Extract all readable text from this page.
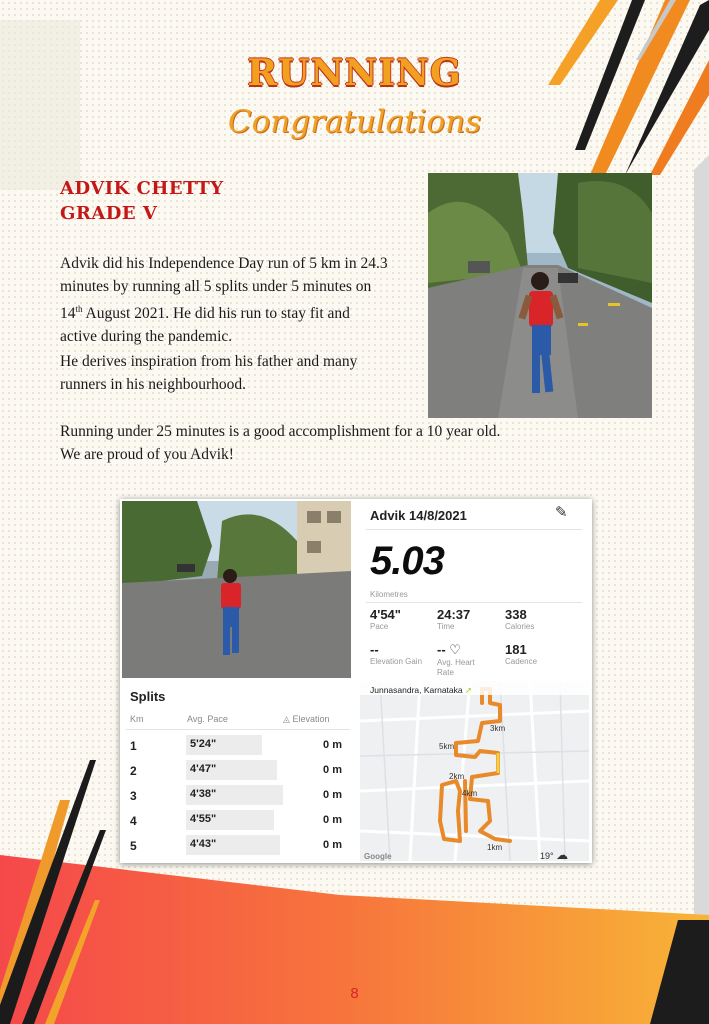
RUNNING
Congratulations
ADVIK CHETTY
GRADE V
Advik did his Independence Day run of 5 km in 24.3 minutes by running all 5 splits under 5 minutes on 14th August 2021. He did his run to stay fit and active during the pandemic.
He derives inspiration from his father and many runners in his neighbourhood.
Running under 25 minutes is a good accomplishment for a 10 year old.
We are proud of you Advik!
Advik 14/8/2021	✎
5.03
Kilometres
4'54"
Pace
24:37
Time
338
Calories
--
Elevation Gain
-- ♡
Avg. Heart Rate
181
Cadence
Splits
Km	Avg. Pace	◬ Elevation
1	5'24"	0 m
2	4'47"	0 m
3	4'38"	0 m
4	4'55"	0 m
5	4'43"	0 m
Junnasandra, Karnataka ➚
3km
5km
2km
4km
1km
Google	19° ☁
8
